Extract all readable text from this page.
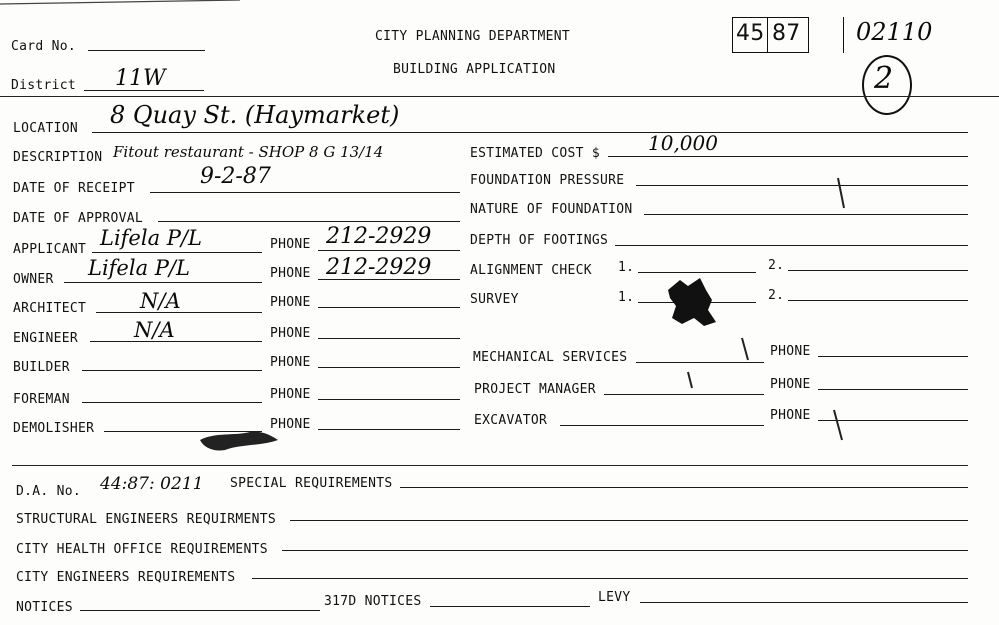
Card No.
District 11W
CITY PLANNING DEPARTMENT
BUILDING APPLICATION
45 87 02110
2
LOCATION 8 Quay St. (Haymarket)
DESCRIPTION Fitout restaurant - SHOP 8 G 13/14	ESTIMATED COST $ 10,000
DATE OF RECEIPT	9-2-87	FOUNDATION PRESSURE
DATE OF APPROVAL
NATURE OF FOUNDATION
APPLICANT Lifela P/L	PHONE 212-2929	DEPTH OF FOOTINGS
OWNER Lifela P/L	PHONE 212-2929	ALIGNMENT CHECK 1.	2.
ARCHITECT	N/A	PHONE	SURVEY	1.	2.
ENGINEER	N/A	PHONE
BUILDER	PHONE	MECHANICAL SERVICES	PHONE
FOREMAN	PHONE	PROJECT MANAGER	PHONE
DEMOLISHER	PHONE	EXCAVATOR	PHONE
D.A. No. 44:87: 0211 SPECIAL REQUIREMENTS
STRUCTURAL ENGINEERS REQUIRMENTS
CITY HEALTH OFFICE REQUIREMENTS
CITY ENGINEERS REQUIREMENTS
NOTICES	317D NOTICES	LEVY
